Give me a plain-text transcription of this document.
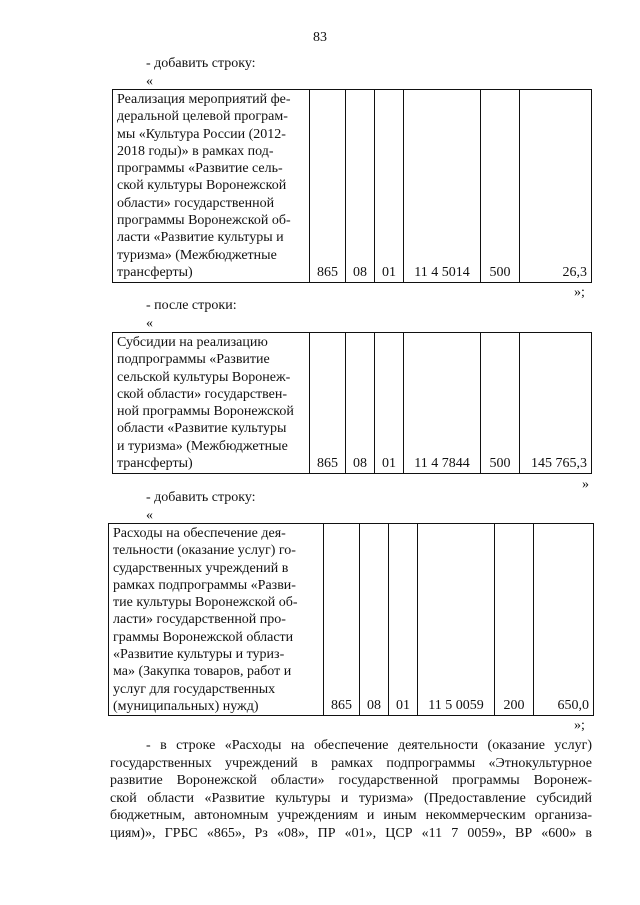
83
- добавить строку:
«
Реализация мероприятий фе-
деральной целевой програм-
мы «Культура России (2012-
2018 годы)» в рамках под-
программы «Развитие сель-
ской культуры Воронежской
области» государственной
программы Воронежской об-
ласти «Развитие культуры и
туризма» (Межбюджетные
трансферты)	865	08	01	11 4 5014	500	26,3
»;
- после строки:
«
Субсидии на реализацию
подпрограммы «Развитие
сельской культуры Воронеж-
ской области» государствен-
ной программы Воронежской
области «Развитие культуры
и туризма» (Межбюджетные
трансферты)	865	08	01	11 4 7844	500	145 765,3
»
- добавить строку:
«
Расходы на обеспечение дея-
тельности (оказание услуг) го-
сударственных учреждений в
рамках подпрограммы «Разви-
тие культуры Воронежской об-
ласти» государственной про-
граммы Воронежской области
«Развитие культуры и туриз-
ма» (Закупка товаров, работ и
услуг для государственных
(муниципальных) нужд)	865	08	01	11 5 0059	200	650,0
»;
- в строке «Расходы на обеспечение деятельности (оказание услуг)
государственных учреждений в рамках подпрограммы «Этнокультурное
развитие Воронежской области» государственной программы Воронеж-
ской области «Развитие культуры и туризма» (Предоставление субсидий
бюджетным, автономным учреждениям и иным некоммерческим организа-
циям)», ГРБС «865», Рз «08», ПР «01», ЦСР «11 7 0059», ВР «600» в
